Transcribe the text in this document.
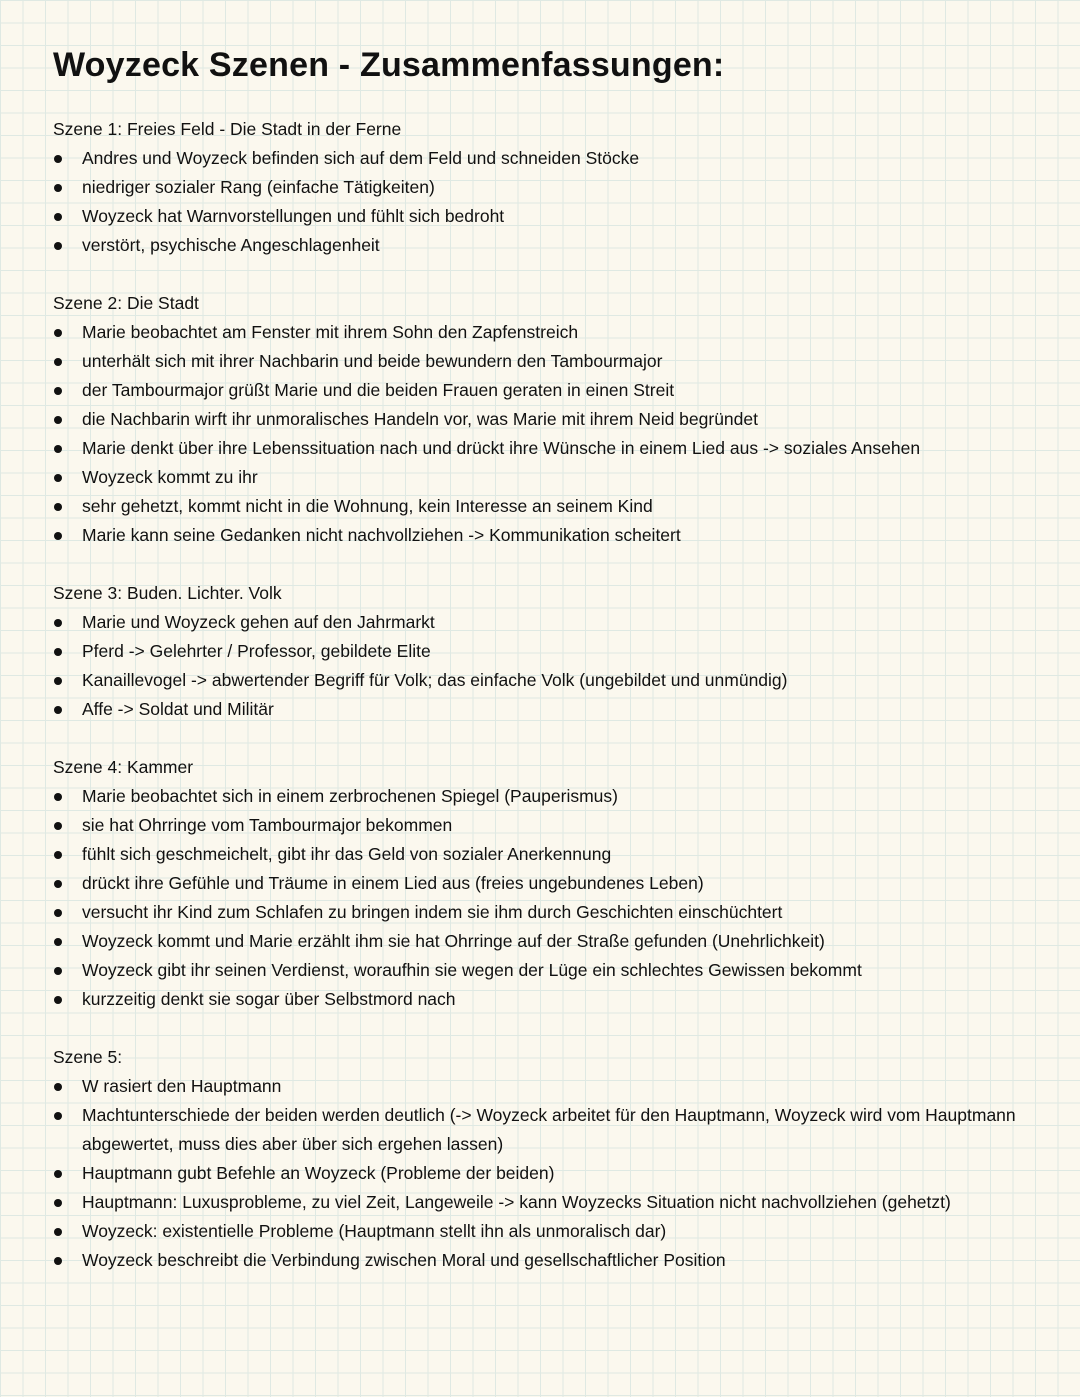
Woyzeck Szenen - Zusammenfassungen:

Szene 1: Freies Feld - Die Stadt in der Ferne

Andres und Woyzeck befinden sich auf dem Feld und schneiden Stöcke
niedriger sozialer Rang (einfache Tätigkeiten)
Woyzeck hat Warnvorstellungen und fühlt sich bedroht
verstört, psychische Angeschlagenheit

Szene 2: Die Stadt

Marie beobachtet am Fenster mit ihrem Sohn den Zapfenstreich
unterhält sich mit ihrer Nachbarin und beide bewundern den Tambourmajor
der Tambourmajor grüßt Marie und die beiden Frauen geraten in einen Streit
die Nachbarin wirft ihr unmoralisches Handeln vor, was Marie mit ihrem Neid begründet
Marie denkt über ihre Lebenssituation nach und drückt ihre Wünsche in einem Lied aus -> soziales Ansehen
Woyzeck kommt zu ihr
sehr gehetzt, kommt nicht in die Wohnung, kein Interesse an seinem Kind
Marie kann seine Gedanken nicht nachvollziehen -> Kommunikation scheitert

Szene 3: Buden. Lichter. Volk

Marie und Woyzeck gehen auf den Jahrmarkt
Pferd -> Gelehrter / Professor, gebildete Elite
Kanaillevogel -> abwertender Begriff für Volk; das einfache Volk (ungebildet und unmündig)
Affe -> Soldat und Militär

Szene 4: Kammer

Marie beobachtet sich in einem zerbrochenen Spiegel (Pauperismus)
sie hat Ohrringe vom Tambourmajor bekommen
fühlt sich geschmeichelt, gibt ihr das Geld von sozialer Anerkennung
drückt ihre Gefühle und Träume in einem Lied aus (freies ungebundenes Leben)
versucht ihr Kind zum Schlafen zu bringen indem sie ihm durch Geschichten einschüchtert
Woyzeck kommt und Marie erzählt ihm sie hat Ohrringe auf der Straße gefunden (Unehrlichkeit)
Woyzeck gibt ihr seinen Verdienst, woraufhin sie wegen der Lüge ein schlechtes Gewissen bekommt
kurzzeitig denkt sie sogar über Selbstmord nach

Szene 5:

W rasiert den Hauptmann
Machtunterschiede der beiden werden deutlich (-> Woyzeck arbeitet für den Hauptmann, Woyzeck wird vom Hauptmann abgewertet, muss dies aber über sich ergehen lassen)
Hauptmann gubt Befehle an Woyzeck (Probleme der beiden)
Hauptmann: Luxusprobleme, zu viel Zeit, Langeweile -> kann Woyzecks Situation nicht nachvollziehen (gehetzt)
Woyzeck: existentielle Probleme (Hauptmann stellt ihn als unmoralisch dar)
Woyzeck beschreibt die Verbindung zwischen Moral und gesellschaftlicher Position
